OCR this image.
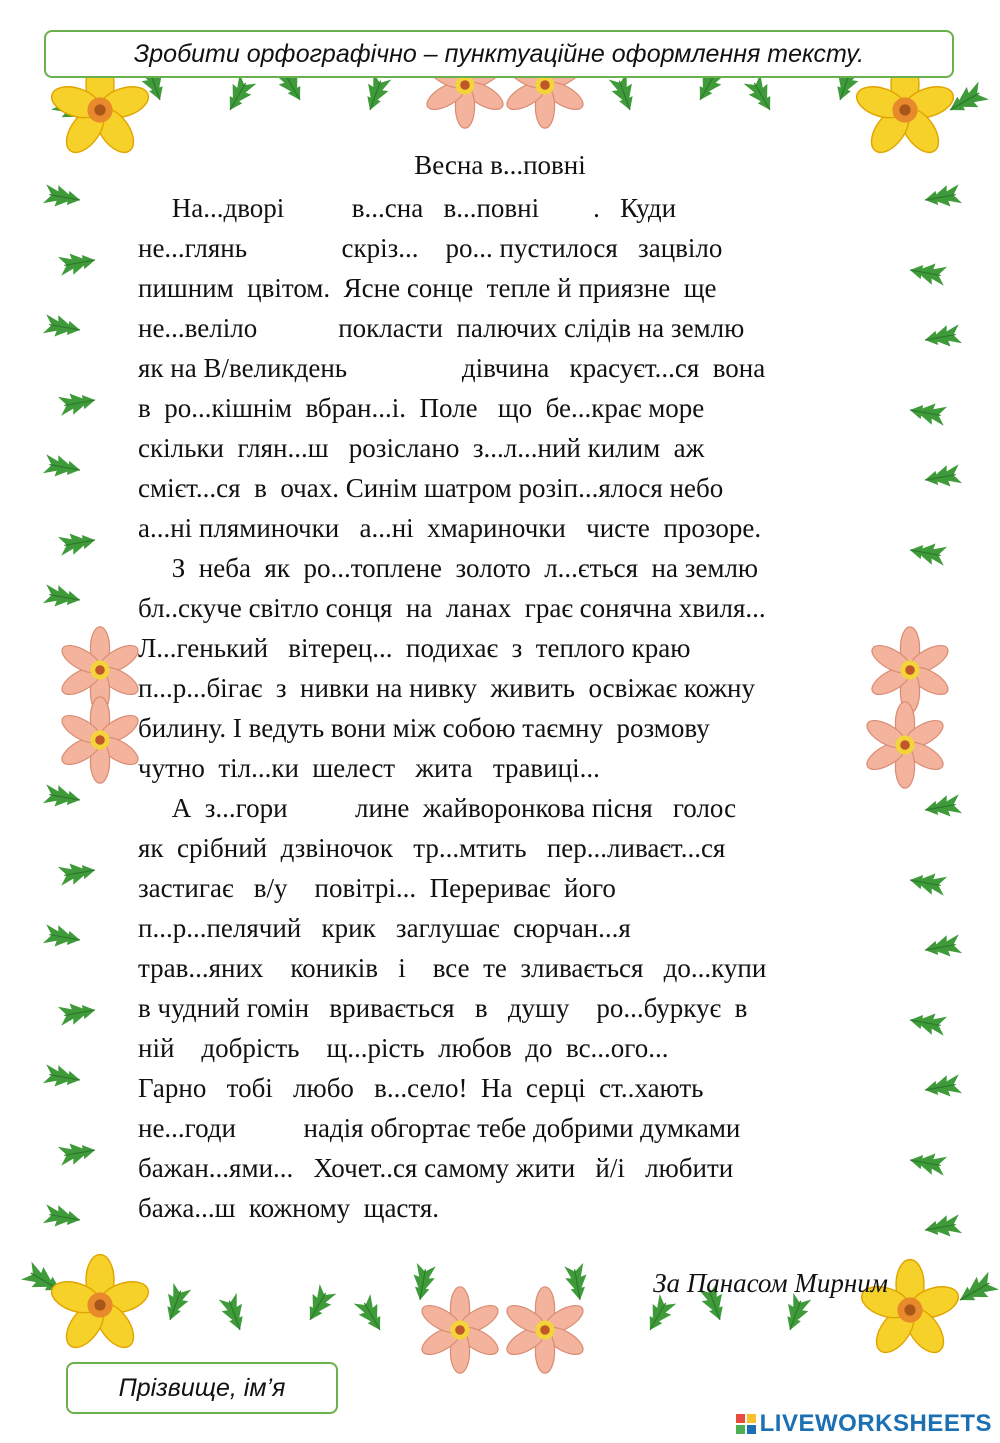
Зробити орфографічно – пунктуаційне оформлення тексту.
Весна в...повні
На...дворі          в...сна   в...повні        .   Куди
не...глянь              скріз...    ро... пустилося   зацвіло
пишним  цвітом.  Ясне сонце  тепле й приязне  ще
не...веліло            покласти  палючих слідів на землю
як на В/великдень                 дівчина   красуєт...ся  вона
в  ро...кішнім  вбран...і.  Поле   що  бе...крає море
скільки  глян...ш   розіслано  з...л...ний килим  аж
смієт...ся  в  очах. Синім шатром розіп...ялося небо
а...ні пляминочки   а...ні  хмариночки   чисте  прозоре.
З  неба  як  ро...топлене  золото  л...ється  на землю
бл..скуче світло сонця  на  ланах  грає сонячна хвиля...
Л...генький   вітерец...  подихає  з  теплого краю
п...р...бігає  з  нивки на нивку  живить  освіжає кожну
билину. І ведуть вони між собою таємну  розмову
чутно  тіл...ки  шелест   жита   травиці...
А  з...гори          лине  жайворонкова пісня   голос
як  срібний  дзвіночок   тр...мтить   пер...ливаєт...ся
застигає   в/у    повітрі...  Перериває  його
п...р...пелячий   крик   заглушає  сюрчан...я
трав...яних    коників   і    все  те  зливається   до...купи
в чудний гомін   вривається   в   душу    ро...буркує  в
ній    добрість    щ...рість  любов  до  вс...ого...
Гарно   тобі   любо   в...село!  На  серці  ст..хають
не...годи          надія обгортає тебе добрими думками
бажан...ями...   Хочет..ся самому жити   й/і   любити
бажа...ш  кожному  щастя.
За Панасом Мирним
Прізвище, ім’я
LIVEWORKSHEETS
